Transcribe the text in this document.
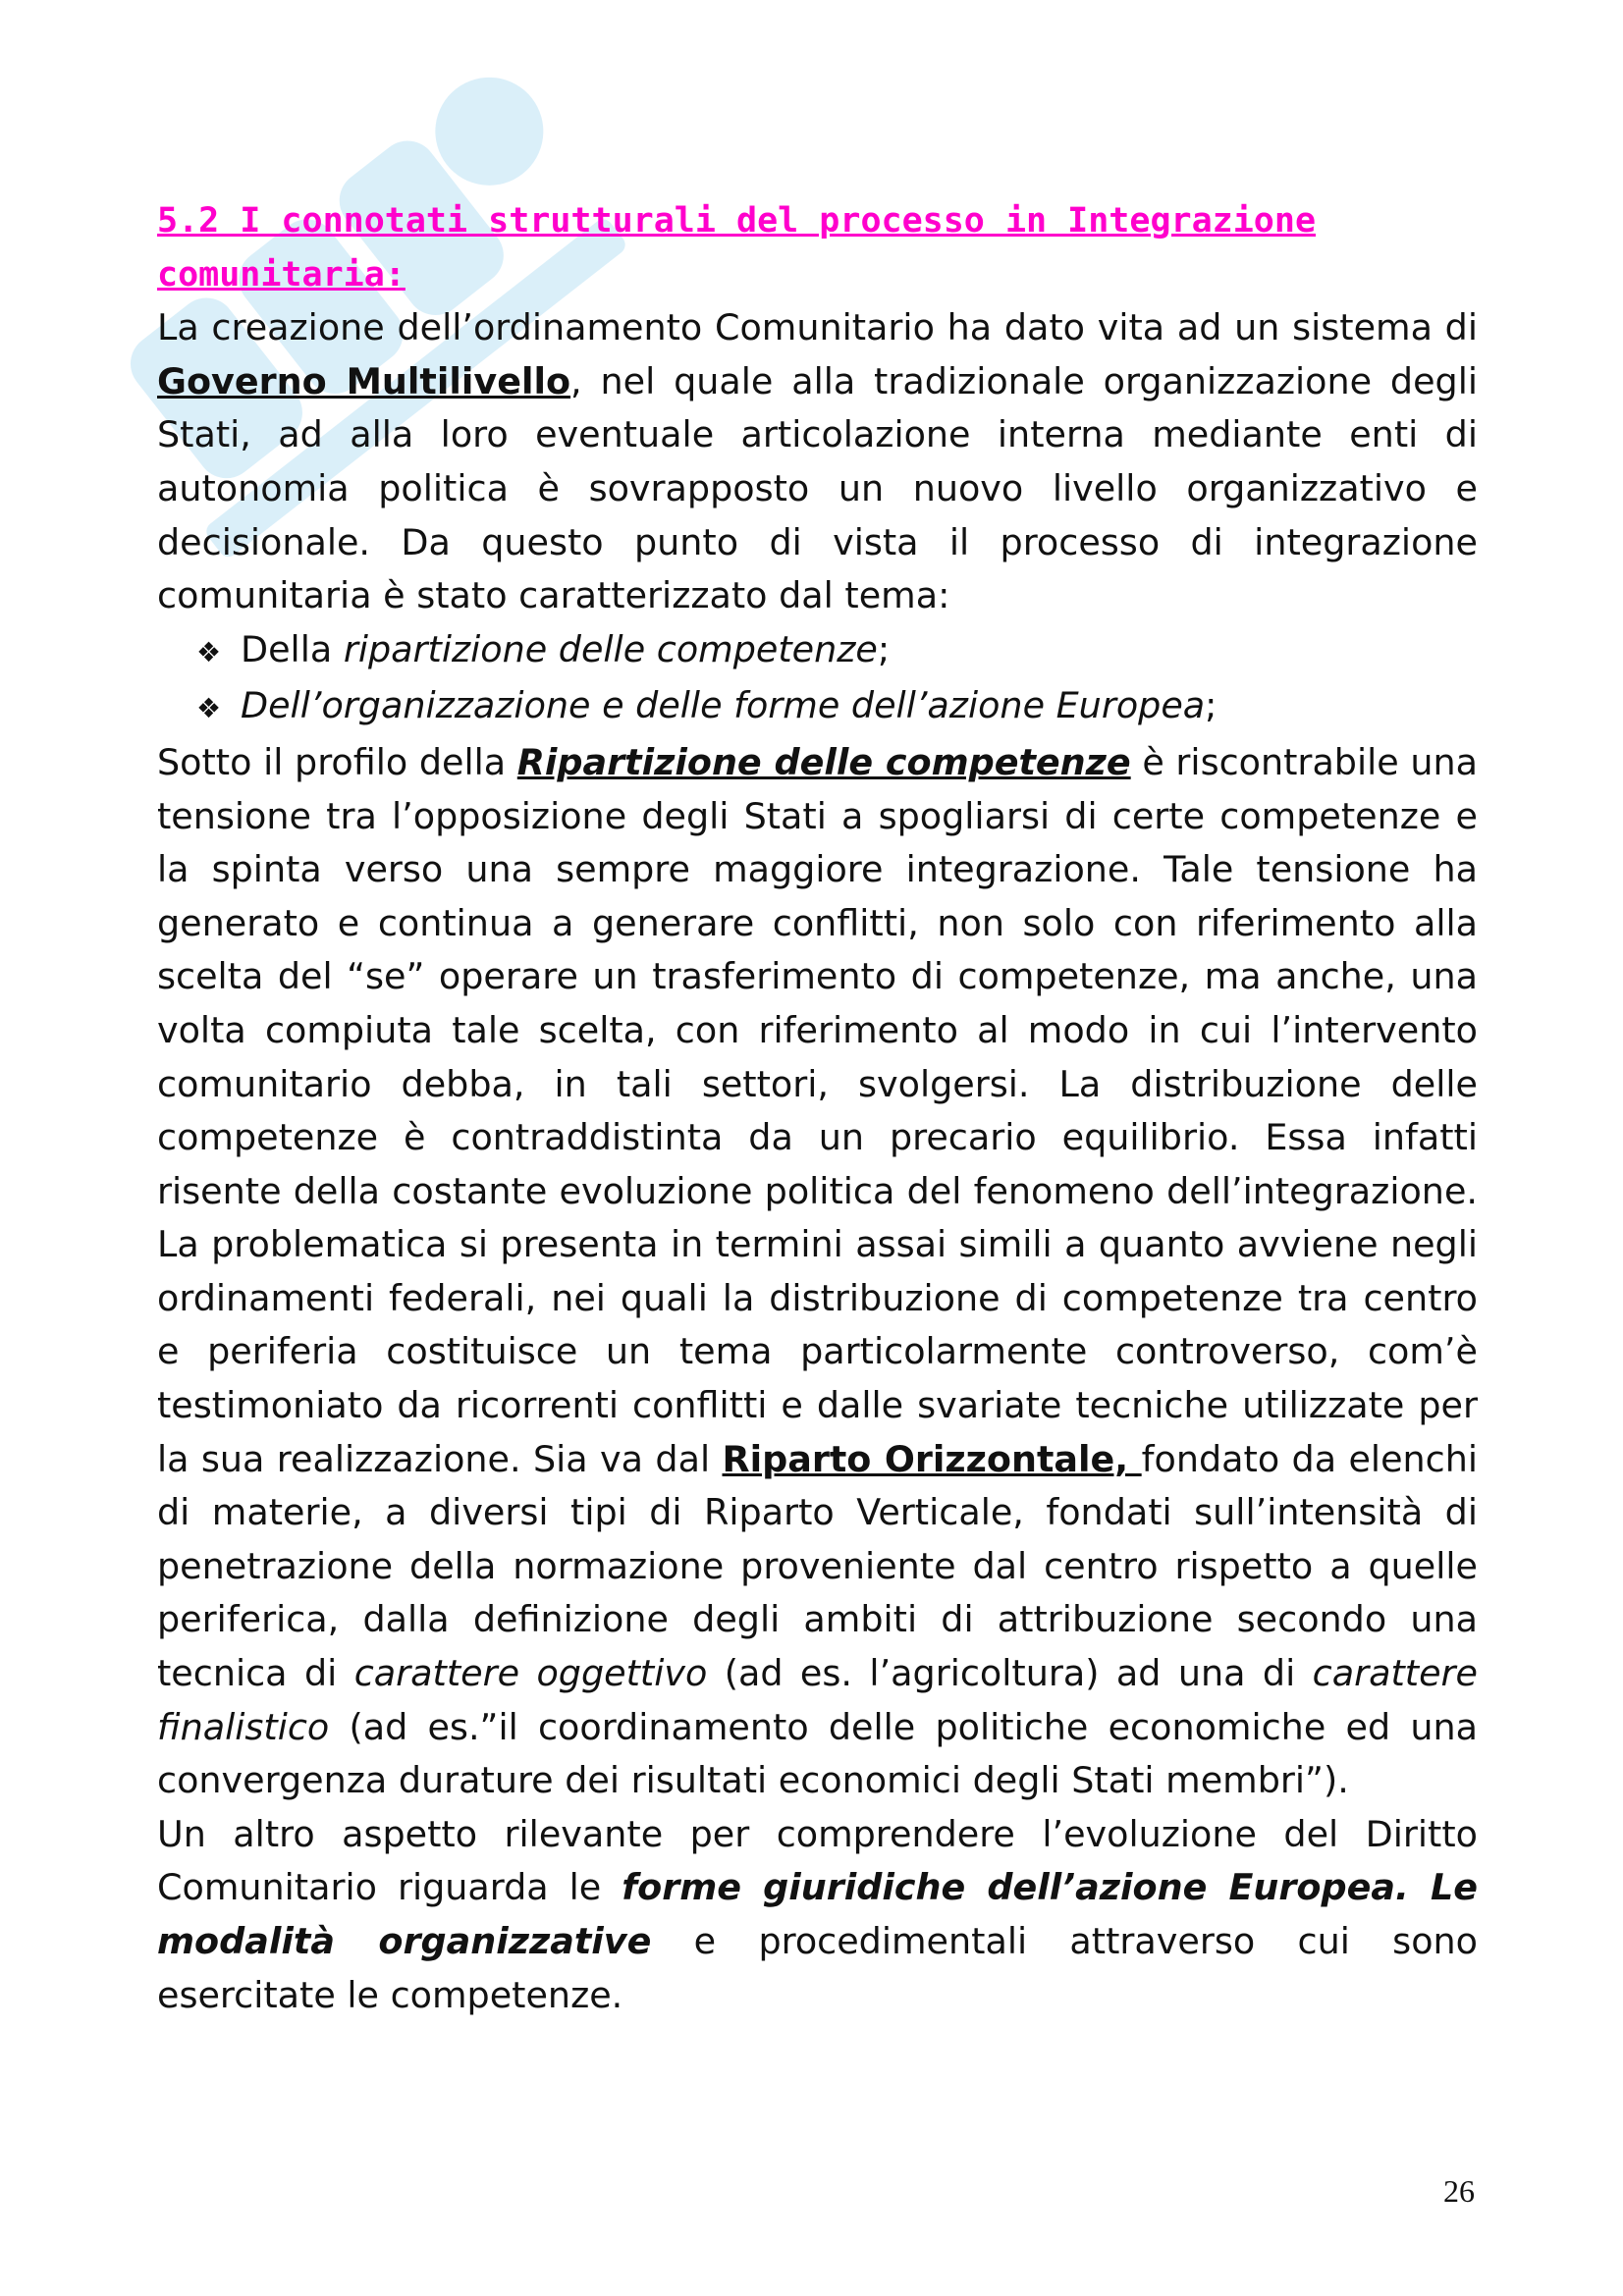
5.2 I connotati strutturali del processo in Integrazione comunitaria:

La creazione dell’ordinamento Comunitario ha dato vita ad un sistema di Governo Multilivello, nel quale alla tradizionale organizzazione degli Stati, ad alla loro eventuale articolazione interna mediante enti di autonomia politica è sovrapposto un nuovo livello organizzativo e decisionale. Da questo punto di vista il processo di integrazione comunitaria è stato caratterizzato dal tema:

❖ Della ripartizione delle competenze;
❖ Dell’organizzazione e delle forme dell’azione Europea;

Sotto il profilo della Ripartizione delle competenze è riscontrabile una tensione tra l’opposizione degli Stati a spogliarsi di certe competenze e la spinta verso una sempre maggiore integrazione. Tale tensione ha generato e continua a generare conflitti, non solo con riferimento alla scelta del “se” operare un trasferimento di competenze, ma anche, una volta compiuta tale scelta, con riferimento al modo in cui l’intervento comunitario debba, in tali settori, svolgersi. La distribuzione delle competenze è contraddistinta da un precario equilibrio. Essa infatti risente della costante evoluzione politica del fenomeno dell’integrazione. La problematica si presenta in termini assai simili a quanto avviene negli ordinamenti federali, nei quali la distribuzione di competenze tra centro e periferia costituisce un tema particolarmente controverso, com’è testimoniato da ricorrenti conflitti e dalle svariate tecniche utilizzate per la sua realizzazione. Sia va dal Riparto Orizzontale, fondato da elenchi di materie, a diversi tipi di Riparto Verticale, fondati sull’intensità di penetrazione della normazione proveniente dal centro rispetto a quelle periferica, dalla definizione degli ambiti di attribuzione secondo una tecnica di carattere oggettivo (ad es. l’agricoltura) ad una di carattere finalistico (ad es.”il coordinamento delle politiche economiche ed una convergenza durature dei risultati economici degli Stati membri”).

Un altro aspetto rilevante per comprendere l’evoluzione del Diritto Comunitario riguarda le forme giuridiche dell’azione Europea. Le modalità organizzative e procedimentali attraverso cui sono esercitate le competenze.

26
